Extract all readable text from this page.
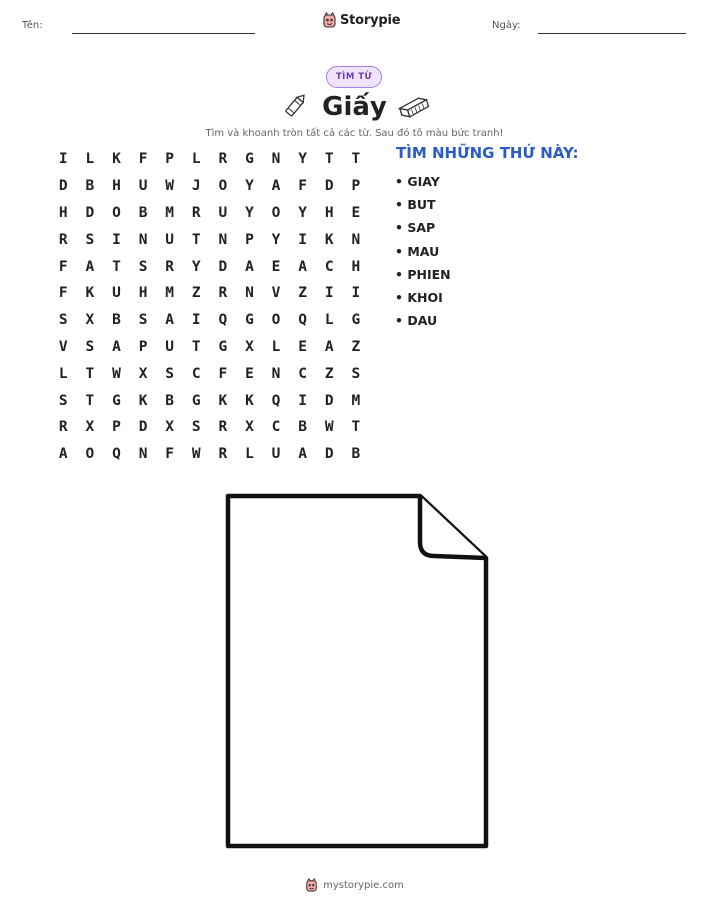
Tên:	Storypie	Ngày:
TÌM TỪ
Giấy
Tìm và khoanh tròn tất cả các từ. Sau đó tô màu bức tranh!
I	L	K	F	P	L	R	G	N	Y	T	T
D	B	H	U	W	J	O	Y	A	F	D	P
H	D	O	B	M	R	U	Y	O	Y	H	E
R	S	I	N	U	T	N	P	Y	I	K	N
F	A	T	S	R	Y	D	A	E	A	C	H
F	K	U	H	M	Z	R	N	V	Z	I	I
S	X	B	S	A	I	Q	G	O	Q	L	G
V	S	A	P	U	T	G	X	L	E	A	Z
L	T	W	X	S	C	F	E	N	C	Z	S
S	T	G	K	B	G	K	K	Q	I	D	M
R	X	P	D	X	S	R	X	C	B	W	T
A	O	Q	N	F	W	R	L	U	A	D	B
TÌM NHỮNG THỨ NÀY:
• GIAY
• BUT
• SAP
• MAU
• PHIEN
• KHOI
• DAU
mystorypie.com
